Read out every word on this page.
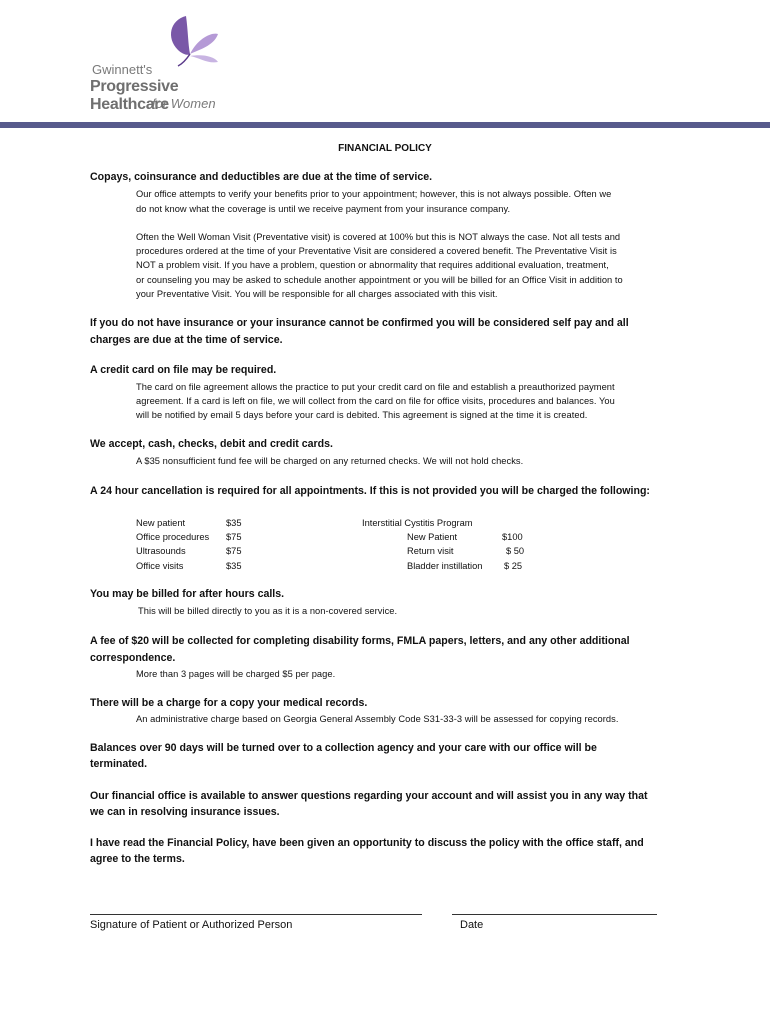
Gwinnett's
Progressive Healthcare
for Women
FINANCIAL POLICY
Copays, coinsurance and deductibles are due at the time of service.
Our office attempts to verify your benefits prior to your appointment; however, this is not always possible. Often we
do not know what the coverage is until we receive payment from your insurance company.
Often the Well Woman Visit (Preventative visit) is covered at 100% but this is NOT always the case. Not all tests and
procedures ordered at the time of your Preventative Visit are considered a covered benefit. The Preventative Visit is
NOT a problem visit. If you have a problem, question or abnormality that requires additional evaluation, treatment,
or counseling you may be asked to schedule another appointment or you will be billed for an Office Visit in addition to
your Preventative Visit. You will be responsible for all charges associated with this visit.
If you do not have insurance or your insurance cannot be confirmed you will be considered self pay and all
charges are due at the time of service.
A credit card on file may be required.
The card on file agreement allows the practice to put your credit card on file and establish a preauthorized payment
agreement. If a card is left on file, we will collect from the card on file for office visits, procedures and balances. You
will be notified by email 5 days before your card is debited. This agreement is signed at the time it is created.
We accept, cash, checks, debit and credit cards.
A $35 nonsufficient fund fee will be charged on any returned checks. We will not hold checks.
A 24 hour cancellation is required for all appointments. If this is not provided you will be charged the following:
New patient	$35
Office procedures $75
Ultrasounds	$75
Office visits	$35
Interstitial Cystitis Program
New Patient	$100
Return visit	$ 50
Bladder instillation $ 25
You may be billed for after hours calls.
This will be billed directly to you as it is a non-covered service.
A fee of $20 will be collected for completing disability forms, FMLA papers, letters, and any other additional
correspondence.
More than 3 pages will be charged $5 per page.
There will be a charge for a copy your medical records.
An administrative charge based on Georgia General Assembly Code S31-33-3 will be assessed for copying records.
Balances over 90 days will be turned over to a collection agency and your care with our office will be
terminated.
Our financial office is available to answer questions regarding your account and will assist you in any way that
we can in resolving insurance issues.
I have read the Financial Policy, have been given an opportunity to discuss the policy with the office staff, and
agree to the terms.
Signature of Patient or Authorized Person	Date
